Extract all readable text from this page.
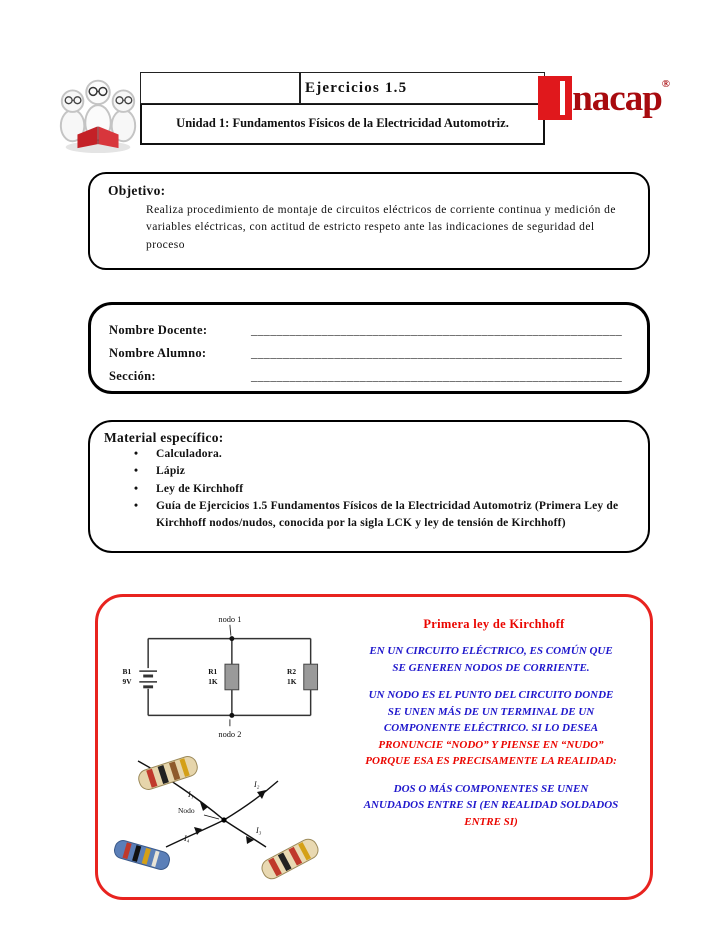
Ejercicios 1.5
Unidad 1: Fundamentos Físicos de la Electricidad Automotriz.
nacap ®
Objetivo:
Realiza procedimiento de montaje de circuitos eléctricos de corriente continua y medición de variables eléctricas, con actitud de estricto respeto ante las indicaciones de seguridad del proceso
Nombre Docente:	__________________________________________________________
Nombre Alumno:	__________________________________________________________
Sección:	__________________________________________________________
Material específico:
•	Calculadora.
•	Lápiz
•	Ley de Kirchhoff
•	Guía de Ejercicios 1.5 Fundamentos Físicos de la Electricidad Automotriz (Primera Ley de Kirchhoff nodos/nudos, conocida por la sigla LCK y ley de tensión de Kirchhoff)
nodo 1
nodo 2
B1
9V
R1
1K
R2
1K
I₁
I₂
I₃
I₄
Nodo
Primera ley de Kirchhoff
EN UN CIRCUITO ELÉCTRICO, ES COMÚN QUE
SE GENEREN NODOS DE CORRIENTE.
UN NODO ES EL PUNTO DEL CIRCUITO DONDE
SE UNEN MÁS DE UN TERMINAL DE UN
COMPONENTE ELÉCTRICO. SI LO DESEA
PRONUNCIE “NODO” Y PIENSE EN “NUDO”
PORQUE ESA ES PRECISAMENTE LA REALIDAD:
DOS O MÁS COMPONENTES SE UNEN
ANUDADOS ENTRE SI (EN REALIDAD SOLDADOS
ENTRE SI)
